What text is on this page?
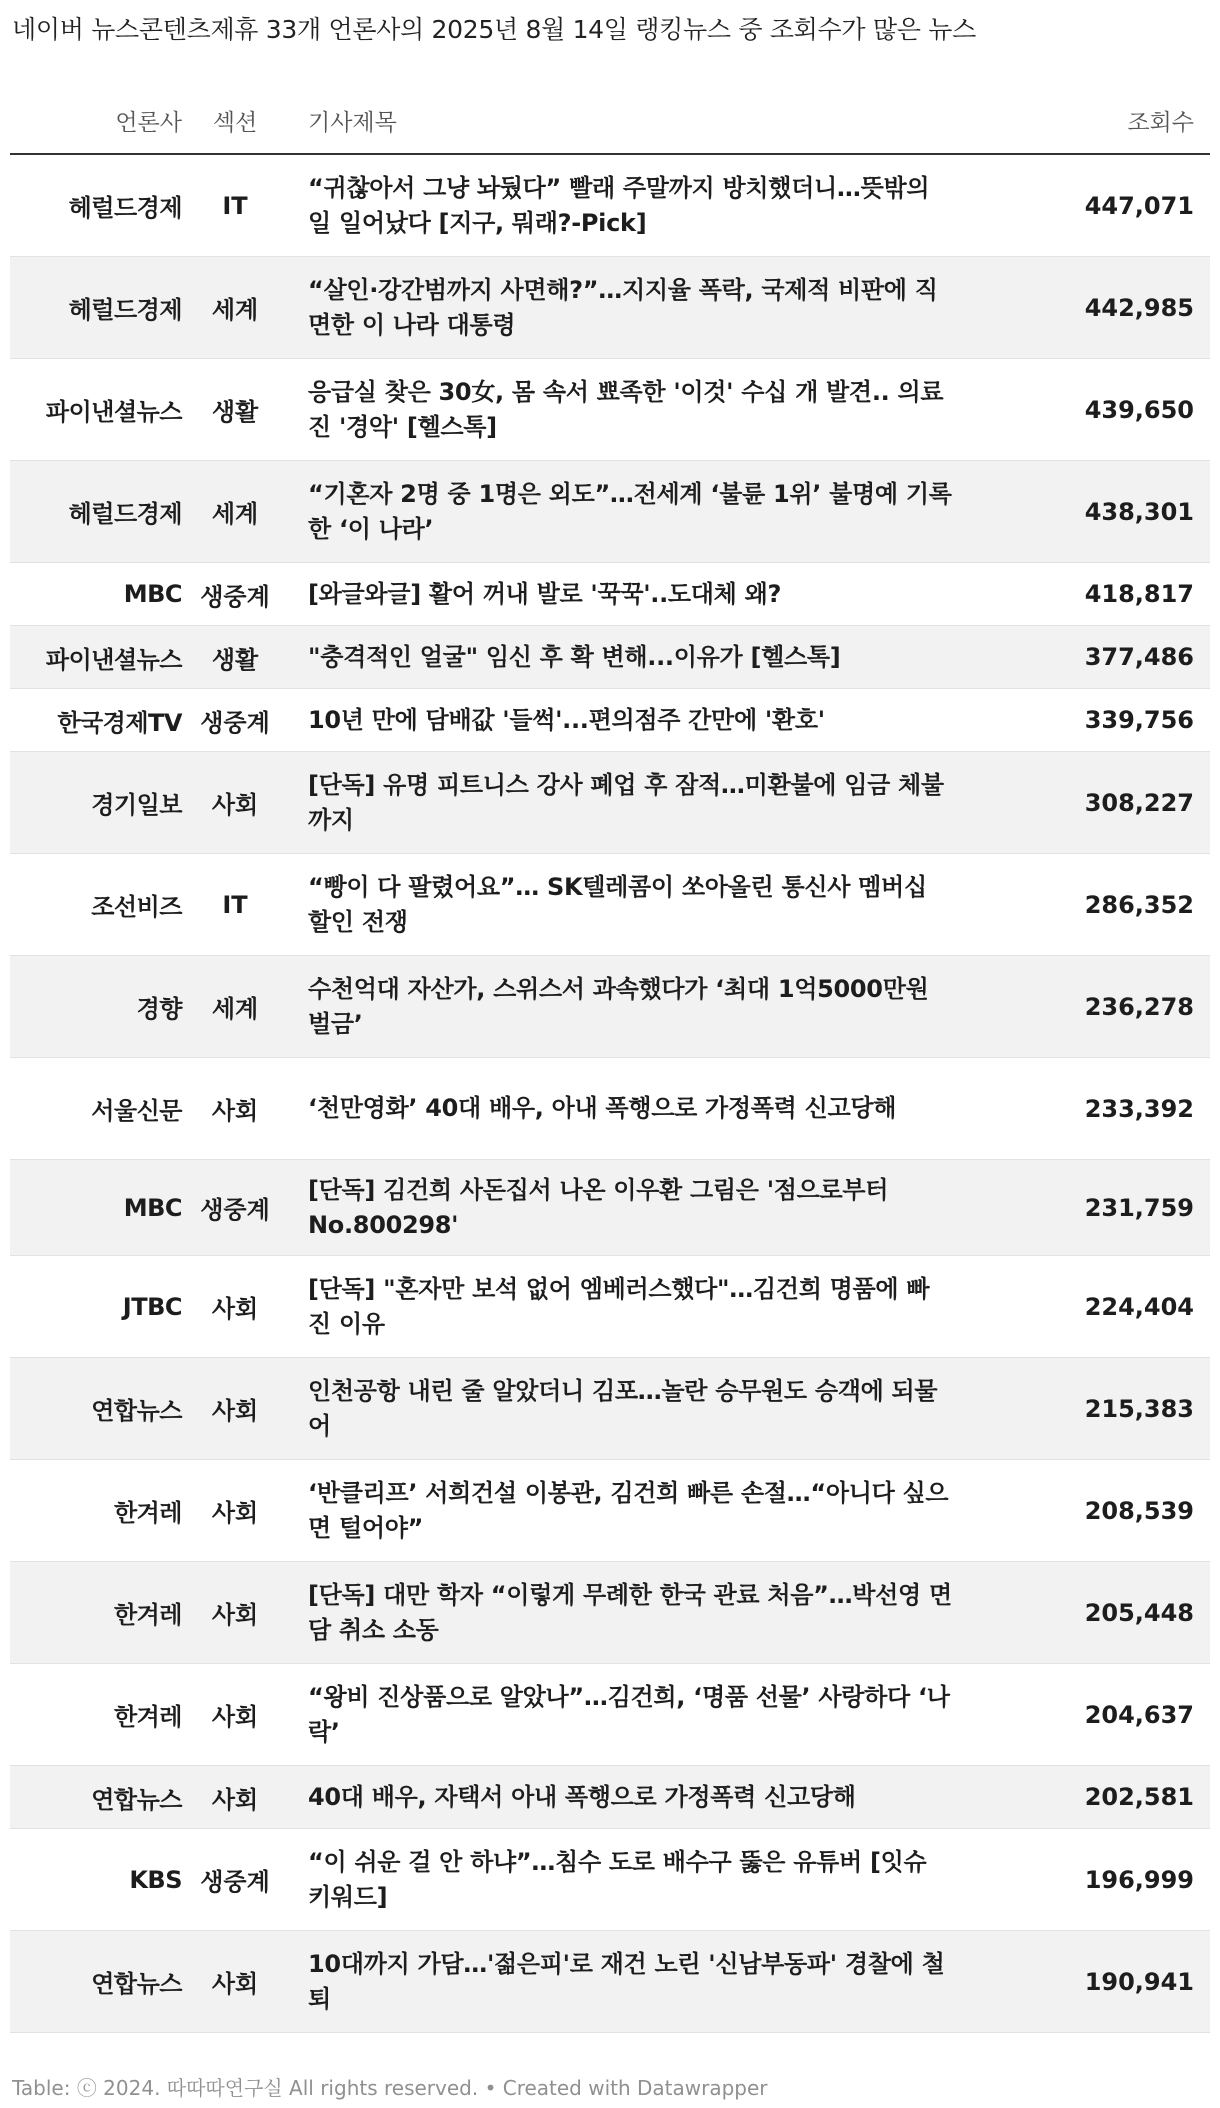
네이버 뉴스콘텐츠제휴 33개 언론사의 2025년 8월 14일 랭킹뉴스 중 조회수가 많은 뉴스
언론사	섹션	기사제목	조회수
헤럴드경제	IT	“귀찮아서 그냥 놔뒀다” 빨래 주말까지 방치했더니…뜻밖의 일 일어났다 [지구, 뭐래?-Pick]	447,071
헤럴드경제	세계	“살인·강간범까지 사면해?”…지지율 폭락, 국제적 비판에 직면한 이 나라 대통령	442,985
파이낸셜뉴스	생활	응급실 찾은 30女, 몸 속서 뾰족한 '이것' 수십 개 발견.. 의료진 '경악' [헬스톡]	439,650
헤럴드경제	세계	“기혼자 2명 중 1명은 외도”…전세계 ‘불륜 1위’ 불명예 기록한 ‘이 나라’	438,301
MBC	생중계	[와글와글] 활어 꺼내 발로 '꾹꾹'..도대체 왜?	418,817
파이낸셜뉴스	생활	"충격적인 얼굴" 임신 후 확 변해...이유가 [헬스톡]	377,486
한국경제TV	생중계	10년 만에 담배값 '들썩'...편의점주 간만에 '환호'	339,756
경기일보	사회	[단독] 유명 피트니스 강사 폐업 후 잠적…미환불에 임금 체불까지	308,227
조선비즈	IT	“빵이 다 팔렸어요”… SK텔레콤이 쏘아올린 통신사 멤버십 할인 전쟁	286,352
경향	세계	수천억대 자산가, 스위스서 과속했다가 ‘최대 1억5000만원 벌금’	236,278
서울신문	사회	‘천만영화’ 40대 배우, 아내 폭행으로 가정폭력 신고당해	233,392
MBC	생중계	[단독] 김건희 사돈집서 나온 이우환 그림은 '점으로부터 No.800298'	231,759
JTBC	사회	[단독] "혼자만 보석 없어 엠베러스했다"…김건희 명품에 빠진 이유	224,404
연합뉴스	사회	인천공항 내린 줄 알았더니 김포…놀란 승무원도 승객에 되물어	215,383
한겨레	사회	‘반클리프’ 서희건설 이봉관, 김건희 빠른 손절…“아니다 싶으면 털어야”	208,539
한겨레	사회	[단독] 대만 학자 “이렇게 무례한 한국 관료 처음”…박선영 면담 취소 소동	205,448
한겨레	사회	“왕비 진상품으로 알았나”…김건희, ‘명품 선물’ 사랑하다 ‘나락’	204,637
연합뉴스	사회	40대 배우, 자택서 아내 폭행으로 가정폭력 신고당해	202,581
KBS	생중계	“이 쉬운 걸 안 하냐”…침수 도로 배수구 뚫은 유튜버 [잇슈 키워드]	196,999
연합뉴스	사회	10대까지 가담…'젊은피'로 재건 노린 '신남부동파' 경찰에 철퇴	190,941
Table: ⓒ 2024. 따따따연구실 All rights reserved. • Created with Datawrapper
